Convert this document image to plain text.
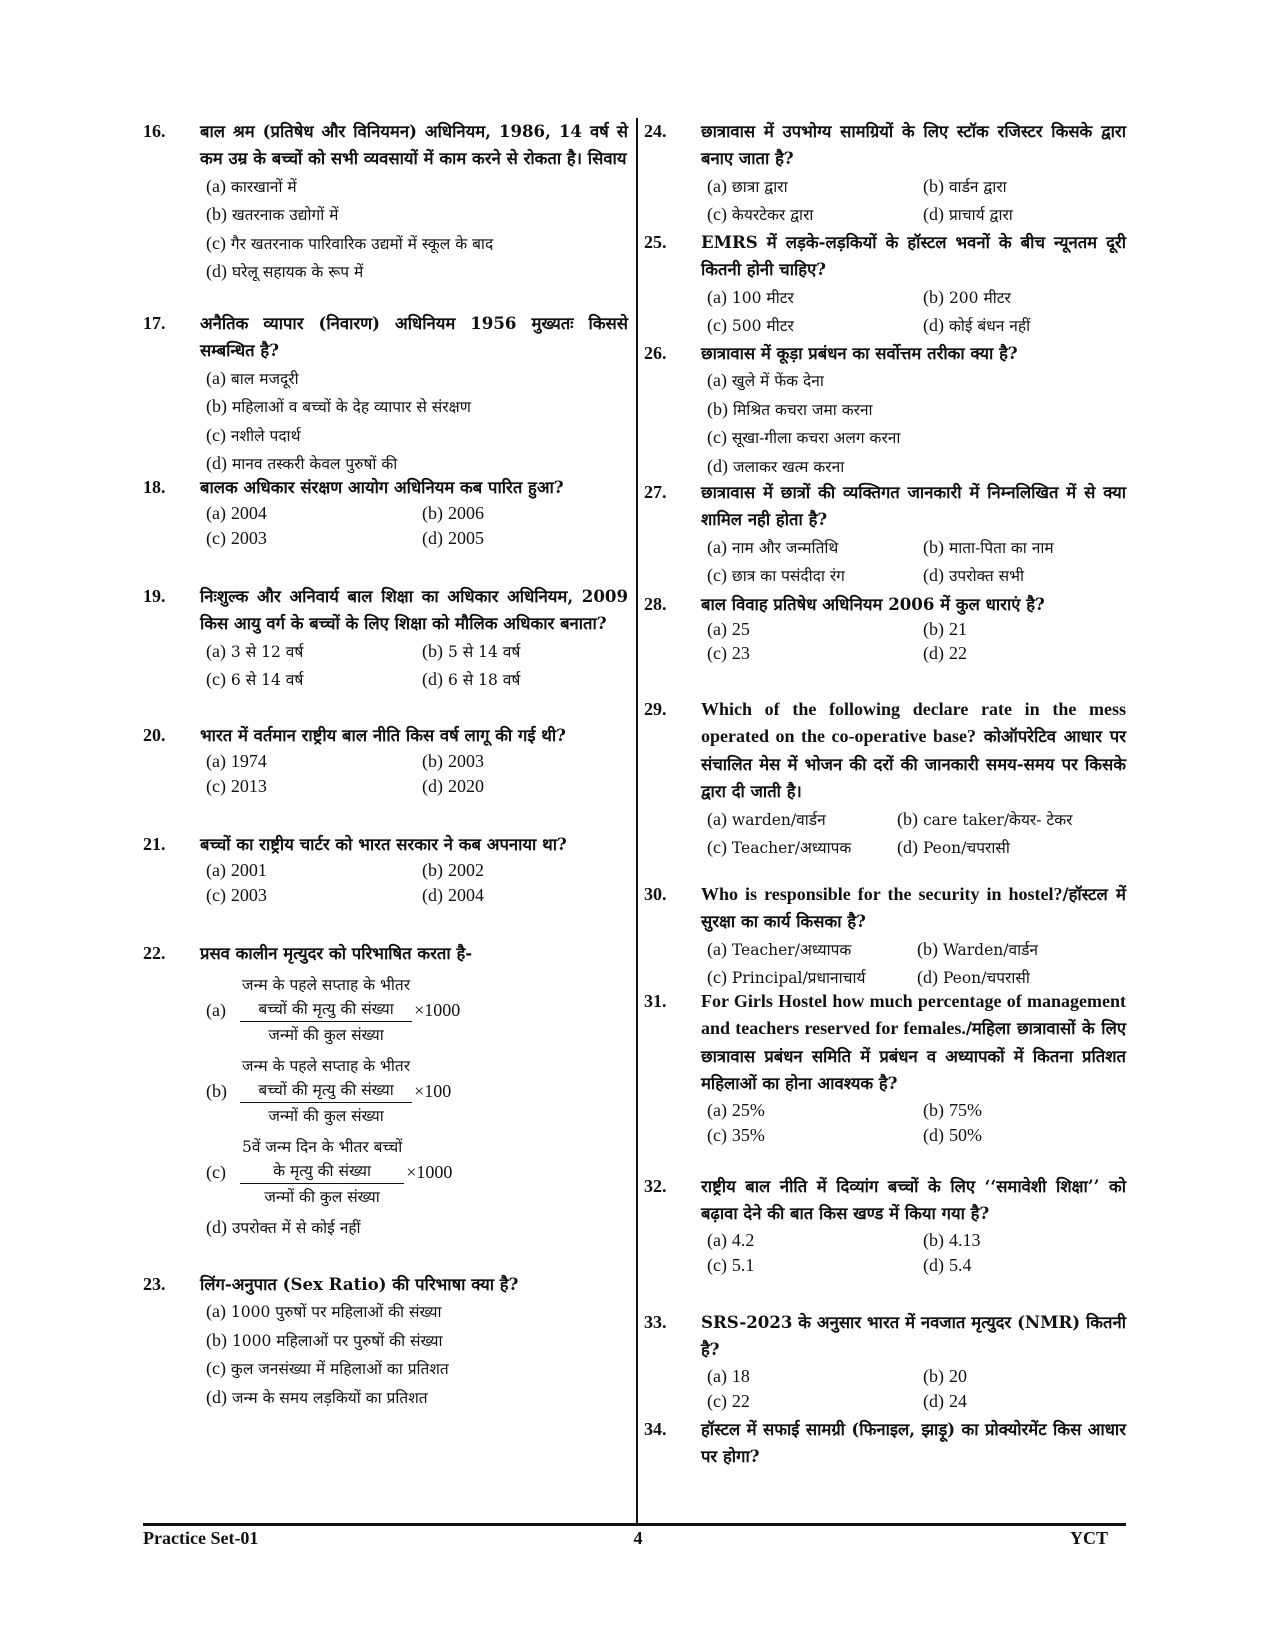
16. बाल श्रम (प्रतिषेध और विनियमन) अधिनियम, 1986, 14 वर्ष से कम उम्र के बच्चों को सभी व्यवसायों में काम करने से रोकता है। सिवाय
(a) कारखानों में
(b) खतरनाक उद्योगों में
(c) गैर खतरनाक पारिवारिक उद्यमों में स्कूल के बाद
(d) घरेलू सहायक के रूप में
17. अनैतिक व्यापार (निवारण) अधिनियम 1956 मुख्यतः किससे सम्बन्धित है?
(a) बाल मजदूरी
(b) महिलाओं व बच्चों के देह व्यापार से संरक्षण
(c) नशीले पदार्थ
(d) मानव तस्करी केवल पुरुषों की
18. बालक अधिकार संरक्षण आयोग अधिनियम कब पारित हुआ?
(a) 2004	(b) 2006
(c) 2003	(d) 2005
19. निःशुल्क और अनिवार्य बाल शिक्षा का अधिकार अधिनियम, 2009 किस आयु वर्ग के बच्चों के लिए शिक्षा को मौलिक अधिकार बनाता?
(a) 3 से 12 वर्ष	(b) 5 से 14 वर्ष
(c) 6 से 14 वर्ष	(d) 6 से 18 वर्ष
20. भारत में वर्तमान राष्ट्रीय बाल नीति किस वर्ष लागू की गई थी?
(a) 1974	(b) 2003
(c) 2013	(d) 2020
21. बच्चों का राष्ट्रीय चार्टर को भारत सरकार ने कब अपनाया था?
(a) 2001	(b) 2002
(c) 2003	(d) 2004
22. प्रसव कालीन मृत्युदर को परिभाषित करता है-
(a) जन्म के पहले सप्ताह के भीतर
बच्चों की मृत्यु की संख्या
जन्मों की कुल संख्या ×1000
(b) जन्म के पहले सप्ताह के भीतर
बच्चों की मृत्यु की संख्या
जन्मों की कुल संख्या ×100
(c) 5वें जन्म दिन के भीतर बच्चों
के मृत्यु की संख्या
जन्मों की कुल संख्या ×1000
(d) उपरोक्त में से कोई नहीं
23. लिंग-अनुपात (Sex Ratio) की परिभाषा क्या है?
(a) 1000 पुरुषों पर महिलाओं की संख्या
(b) 1000 महिलाओं पर पुरुषों की संख्या
(c) कुल जनसंख्या में महिलाओं का प्रतिशत
(d) जन्म के समय लड़कियों का प्रतिशत
24. छात्रावास में उपभोग्य सामग्रियों के लिए स्टॉक रजिस्टर किसके द्वारा बनाए जाता है?
(a) छात्रा द्वारा	(b) वार्डन द्वारा
(c) केयरटेकर द्वारा	(d) प्राचार्य द्वारा
25. EMRS में लड़के-लड़कियों के हॉस्टल भवनों के बीच न्यूनतम दूरी कितनी होनी चाहिए?
(a) 100 मीटर	(b) 200 मीटर
(c) 500 मीटर	(d) कोई बंधन नहीं
26. छात्रावास में कूड़ा प्रबंधन का सर्वोत्तम तरीका क्या है?
(a) खुले में फेंक देना
(b) मिश्रित कचरा जमा करना
(c) सूखा-गीला कचरा अलग करना
(d) जलाकर खत्म करना
27. छात्रावास में छात्रों की व्यक्तिगत जानकारी में निम्नलिखित में से क्या शामिल नही होता है?
(a) नाम और जन्मतिथि	(b) माता-पिता का नाम
(c) छात्र का पसंदीदा रंग	(d) उपरोक्त सभी
28. बाल विवाह प्रतिषेध अधिनियम 2006 में कुल धाराएं है?
(a) 25	(b) 21
(c) 23	(d) 22
29. Which of the following declare rate in the mess operated on the co-operative base? कोऑपरेटिव आधार पर संचालित मेस में भोजन की दरों की जानकारी समय-समय पर किसके द्वारा दी जाती है।
(a) warden/वार्डन	(b) care taker/केयर- टेकर
(c) Teacher/अध्यापक	(d) Peon/चपरासी
30. Who is responsible for the security in hostel?/हॉस्टल में सुरक्षा का कार्य किसका है?
(a) Teacher/अध्यापक	(b) Warden/वार्डन
(c) Principal/प्रधानाचार्य	(d) Peon/चपरासी
31. For Girls Hostel how much percentage of management and teachers reserved for females./महिला छात्रावासों के लिए छात्रावास प्रबंधन समिति में प्रबंधन व अध्यापकों में कितना प्रतिशत महिलाओं का होना आवश्यक है?
(a) 25%	(b) 75%
(c) 35%	(d) 50%
32. राष्ट्रीय बाल नीति में दिव्यांग बच्चों के लिए ‘‘समावेशी शिक्षा’’ को बढ़ावा देने की बात किस खण्ड में किया गया है?
(a) 4.2	(b) 4.13
(c) 5.1	(d) 5.4
33. SRS-2023 के अनुसार भारत में नवजात मृत्युदर (NMR) कितनी है?
(a) 18	(b) 20
(c) 22	(d) 24
34. हॉस्टल में सफाई सामग्री (फिनाइल, झाड़ू) का प्रोक्योरमेंट किस आधार पर होगा?
Practice Set-01	4	YCT
